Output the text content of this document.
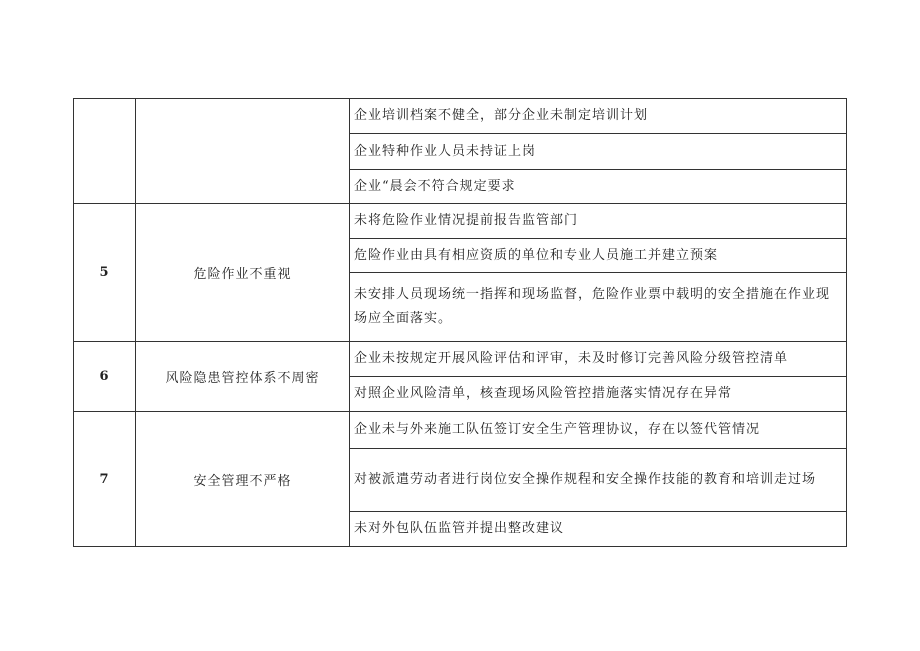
企业培训档案不健全，部分企业未制定培训计划
企业特种作业人员未持证上岗
企业“晨会不符合规定要求

5	危险作业不重视	未将危险作业情况提前报告监管部门
危险作业由具有相应资质的单位和专业人员施工并建立预案
未安排人员现场统一指挥和现场监督，危险作业票中载明的安全措施在作业现场应全面落实。

6	风险隐患管控体系不周密	企业未按规定开展风险评估和评审，未及时修订完善风险分级管控清单
对照企业风险清单，核查现场风险管控措施落实情况存在异常

7	安全管理不严格	企业未与外来施工队伍签订安全生产管理协议，存在以签代管情况
对被派遣劳动者进行岗位安全操作规程和安全操作技能的教育和培训走过场
未对外包队伍监管并提出整改建议
